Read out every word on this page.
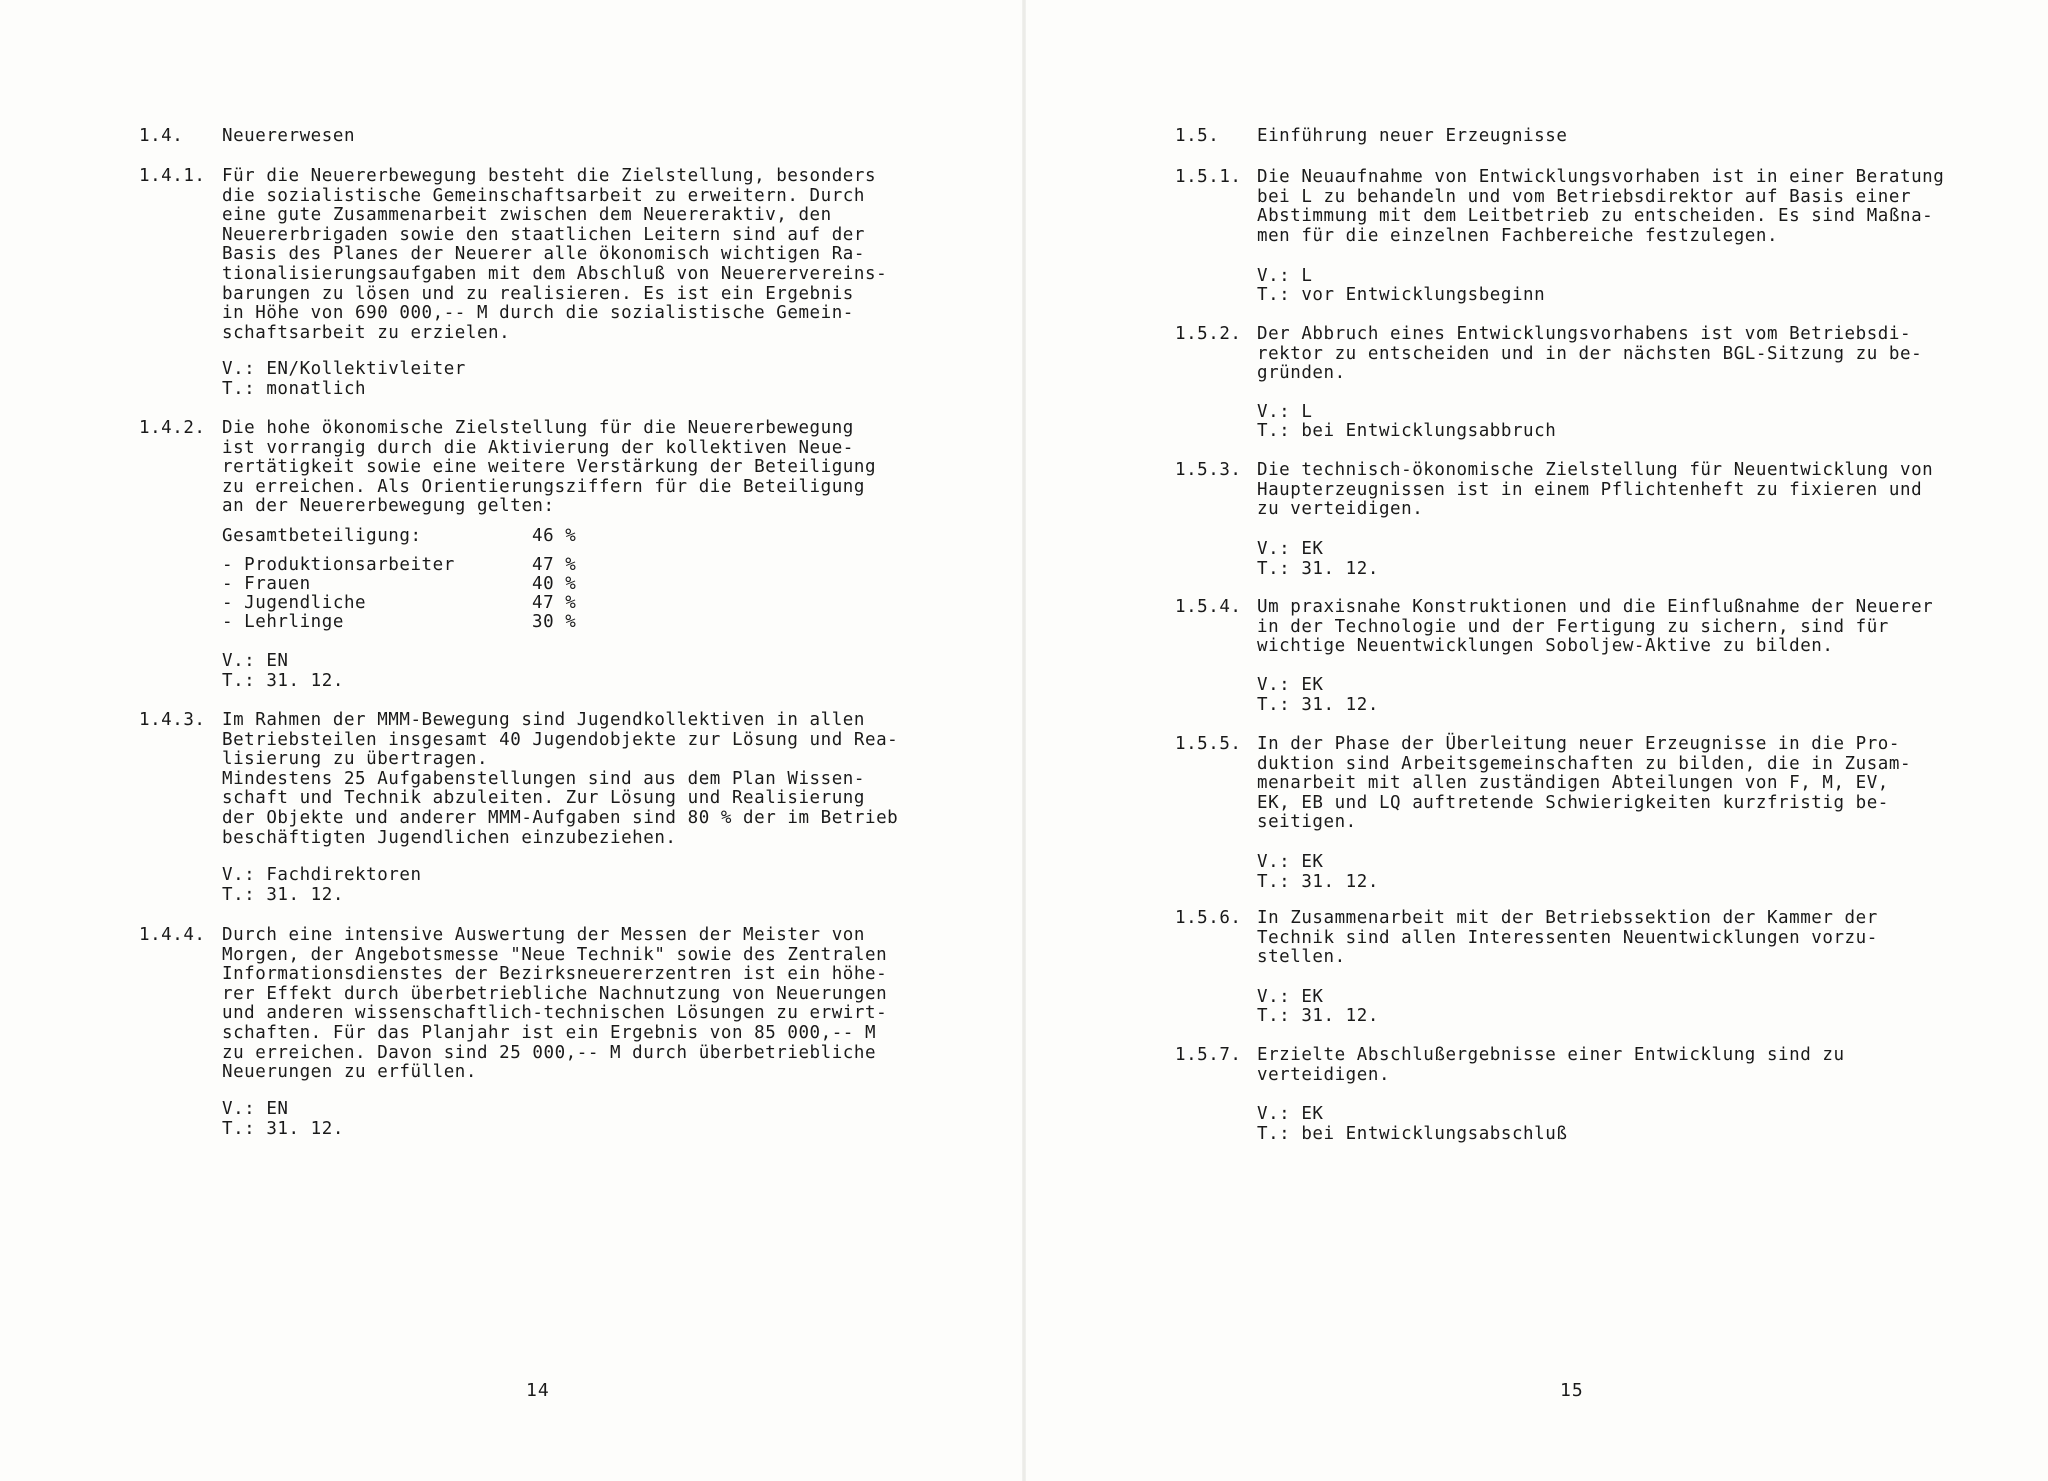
1.4. Neuererwesen
1.4.1. Für die Neuererbewegung besteht die Zielstellung, besonders
die sozialistische Gemeinschaftsarbeit zu erweitern. Durch
eine gute Zusammenarbeit zwischen dem Neuereraktiv, den
Neuererbrigaden sowie den staatlichen Leitern sind auf der
Basis des Planes der Neuerer alle ökonomisch wichtigen Ra-
tionalisierungsaufgaben mit dem Abschluß von Neuerervereins-
barungen zu lösen und zu realisieren. Es ist ein Ergebnis
in Höhe von 690 000,-- M durch die sozialistische Gemein-
schaftsarbeit zu erzielen.
V.: EN/Kollektivleiter
T.: monatlich
1.4.2. Die hohe ökonomische Zielstellung für die Neuererbewegung
ist vorrangig durch die Aktivierung der kollektiven Neue-
rertätigkeit sowie eine weitere Verstärkung der Beteiligung
zu erreichen. Als Orientierungsziffern für die Beteiligung
an der Neuererbewegung gelten:
Gesamtbeteiligung:	46 %
- Produktionsarbeiter	47 %
- Frauen	40 %
- Jugendliche	47 %
- Lehrlinge	30 %
V.: EN
T.: 31. 12.
1.4.3. Im Rahmen der MMM-Bewegung sind Jugendkollektiven in allen
Betriebsteilen insgesamt 40 Jugendobjekte zur Lösung und Rea-
lisierung zu übertragen.
Mindestens 25 Aufgabenstellungen sind aus dem Plan Wissen-
schaft und Technik abzuleiten. Zur Lösung und Realisierung
der Objekte und anderer MMM-Aufgaben sind 80 % der im Betrieb
beschäftigten Jugendlichen einzubeziehen.
V.: Fachdirektoren
T.: 31. 12.
1.4.4. Durch eine intensive Auswertung der Messen der Meister von
Morgen, der Angebotsmesse "Neue Technik" sowie des Zentralen
Informationsdienstes der Bezirksneuererzentren ist ein höhe-
rer Effekt durch überbetriebliche Nachnutzung von Neuerungen
und anderen wissenschaftlich-technischen Lösungen zu erwirt-
schaften. Für das Planjahr ist ein Ergebnis von 85 000,-- M
zu erreichen. Davon sind 25 000,-- M durch überbetriebliche
Neuerungen zu erfüllen.
V.: EN
T.: 31. 12.
14
1.5. Einführung neuer Erzeugnisse
1.5.1. Die Neuaufnahme von Entwicklungsvorhaben ist in einer Beratung
bei L zu behandeln und vom Betriebsdirektor auf Basis einer
Abstimmung mit dem Leitbetrieb zu entscheiden. Es sind Maßna-
men für die einzelnen Fachbereiche festzulegen.
V.: L
T.: vor Entwicklungsbeginn
1.5.2. Der Abbruch eines Entwicklungsvorhabens ist vom Betriebsdi-
rektor zu entscheiden und in der nächsten BGL-Sitzung zu be-
gründen.
V.: L
T.: bei Entwicklungsabbruch
1.5.3. Die technisch-ökonomische Zielstellung für Neuentwicklung von
Haupterzeugnissen ist in einem Pflichtenheft zu fixieren und
zu verteidigen.
V.: EK
T.: 31. 12.
1.5.4. Um praxisnahe Konstruktionen und die Einflußnahme der Neuerer
in der Technologie und der Fertigung zu sichern, sind für
wichtige Neuentwicklungen Soboljew-Aktive zu bilden.
V.: EK
T.: 31. 12.
1.5.5. In der Phase der Überleitung neuer Erzeugnisse in die Pro-
duktion sind Arbeitsgemeinschaften zu bilden, die in Zusam-
menarbeit mit allen zuständigen Abteilungen von F, M, EV,
EK, EB und LQ auftretende Schwierigkeiten kurzfristig be-
seitigen.
V.: EK
T.: 31. 12.
1.5.6. In Zusammenarbeit mit der Betriebssektion der Kammer der
Technik sind allen Interessenten Neuentwicklungen vorzu-
stellen.
V.: EK
T.: 31. 12.
1.5.7. Erzielte Abschlußergebnisse einer Entwicklung sind zu
verteidigen.
V.: EK
T.: bei Entwicklungsabschluß
15
